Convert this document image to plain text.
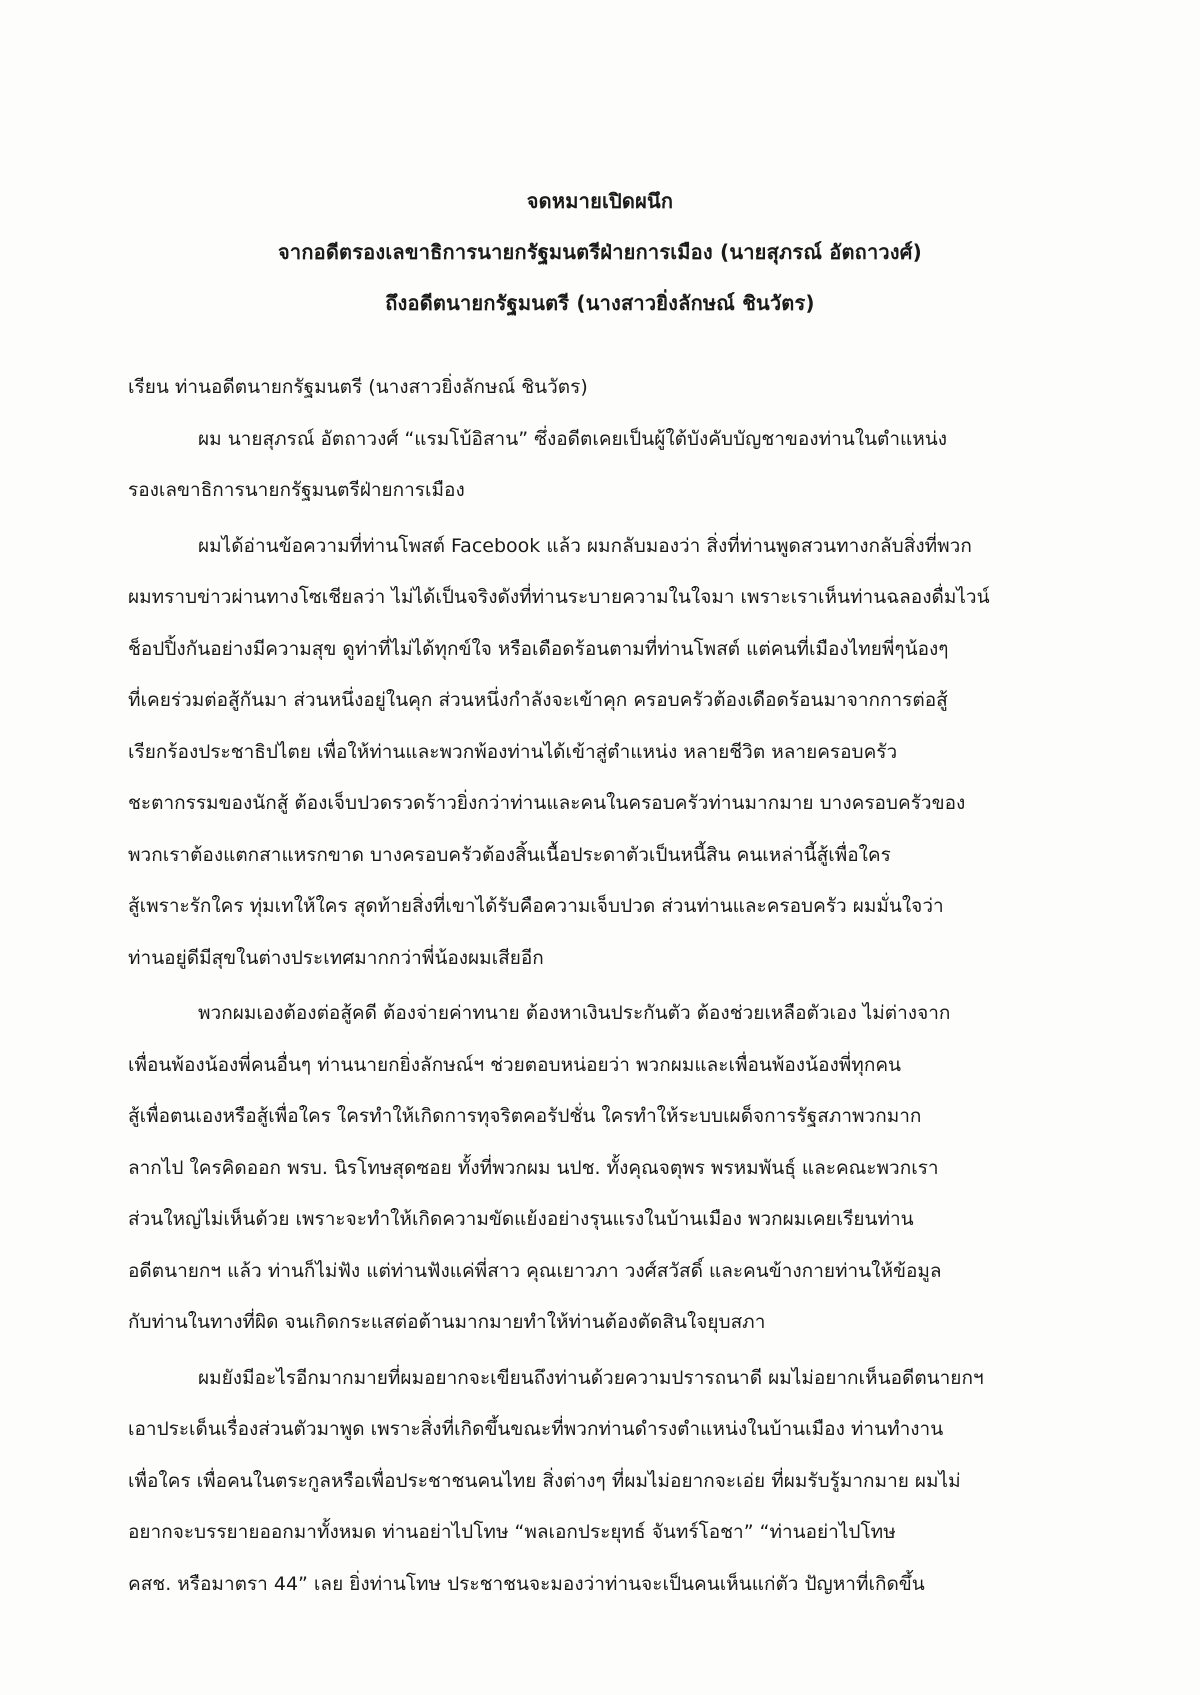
จดหมายเปิดผนึก
จากอดีตรองเลขาธิการนายกรัฐมนตรีฝ่ายการเมือง (นายสุภรณ์ อัตถาวงศ์)
ถึงอดีตนายกรัฐมนตรี (นางสาวยิ่งลักษณ์ ชินวัตร)
เรียน ท่านอดีตนายกรัฐมนตรี (นางสาวยิ่งลักษณ์ ชินวัตร)
ผม นายสุภรณ์ อัตถาวงศ์ “แรมโบ้อิสาน” ซึ่งอดีตเคยเป็นผู้ใต้บังคับบัญชาของท่านในตำแหน่ง
รองเลขาธิการนายกรัฐมนตรีฝ่ายการเมือง
ผมได้อ่านข้อความที่ท่านโพสต์ Facebook แล้ว ผมกลับมองว่า สิ่งที่ท่านพูดสวนทางกลับสิ่งที่พวก
ผมทราบข่าวผ่านทางโซเชียลว่า ไม่ได้เป็นจริงดังที่ท่านระบายความในใจมา เพราะเราเห็นท่านฉลองดื่มไวน์
ช็อปปิ้งกันอย่างมีความสุข ดูท่าที่ไม่ได้ทุกข์ใจ หรือเดือดร้อนตามที่ท่านโพสต์ แต่คนที่เมืองไทยพี่ๆน้องๆ
ที่เคยร่วมต่อสู้กันมา ส่วนหนึ่งอยู่ในคุก ส่วนหนึ่งกำลังจะเข้าคุก ครอบครัวต้องเดือดร้อนมาจากการต่อสู้
เรียกร้องประชาธิปไตย เพื่อให้ท่านและพวกพ้องท่านได้เข้าสู่ตำแหน่ง หลายชีวิต หลายครอบครัว
ชะตากรรมของนักสู้ ต้องเจ็บปวดรวดร้าวยิ่งกว่าท่านและคนในครอบครัวท่านมากมาย บางครอบครัวของ
พวกเราต้องแตกสาแหรกขาด บางครอบครัวต้องสิ้นเนื้อประดาตัวเป็นหนี้สิน คนเหล่านี้สู้เพื่อใคร
สู้เพราะรักใคร ทุ่มเทให้ใคร สุดท้ายสิ่งที่เขาได้รับคือความเจ็บปวด ส่วนท่านและครอบครัว ผมมั่นใจว่า
ท่านอยู่ดีมีสุขในต่างประเทศมากกว่าพี่น้องผมเสียอีก
พวกผมเองต้องต่อสู้คดี ต้องจ่ายค่าทนาย ต้องหาเงินประกันตัว ต้องช่วยเหลือตัวเอง ไม่ต่างจาก
เพื่อนพ้องน้องพี่คนอื่นๆ ท่านนายกยิ่งลักษณ์ฯ ช่วยตอบหน่อยว่า พวกผมและเพื่อนพ้องน้องพี่ทุกคน
สู้เพื่อตนเองหรือสู้เพื่อใคร ใครทำให้เกิดการทุจริตคอรัปชั่น ใครทำให้ระบบเผด็จการรัฐสภาพวกมาก
ลากไป ใครคิดออก พรบ. นิรโทษสุดซอย ทั้งที่พวกผม นปช. ทั้งคุณจตุพร พรหมพันธุ์ และคณะพวกเรา
ส่วนใหญ่ไม่เห็นด้วย เพราะจะทำให้เกิดความขัดแย้งอย่างรุนแรงในบ้านเมือง พวกผมเคยเรียนท่าน
อดีตนายกฯ แล้ว ท่านก็ไม่ฟัง แต่ท่านฟังแค่พี่สาว คุณเยาวภา วงศ์สวัสดิ์ และคนข้างกายท่านให้ข้อมูล
กับท่านในทางที่ผิด จนเกิดกระแสต่อต้านมากมายทำให้ท่านต้องตัดสินใจยุบสภา
ผมยังมีอะไรอีกมากมายที่ผมอยากจะเขียนถึงท่านด้วยความปรารถนาดี ผมไม่อยากเห็นอดีตนายกฯ
เอาประเด็นเรื่องส่วนตัวมาพูด เพราะสิ่งที่เกิดขึ้นขณะที่พวกท่านดำรงตำแหน่งในบ้านเมือง ท่านทำงาน
เพื่อใคร เพื่อคนในตระกูลหรือเพื่อประชาชนคนไทย สิ่งต่างๆ ที่ผมไม่อยากจะเอ่ย ที่ผมรับรู้มากมาย ผมไม่
อยากจะบรรยายออกมาทั้งหมด ท่านอย่าไปโทษ “พลเอกประยุทธ์ จันทร์โอชา” “ท่านอย่าไปโทษ
คสช. หรือมาตรา 44” เลย ยิ่งท่านโทษ ประชาชนจะมองว่าท่านจะเป็นคนเห็นแก่ตัว ปัญหาที่เกิดขึ้น
